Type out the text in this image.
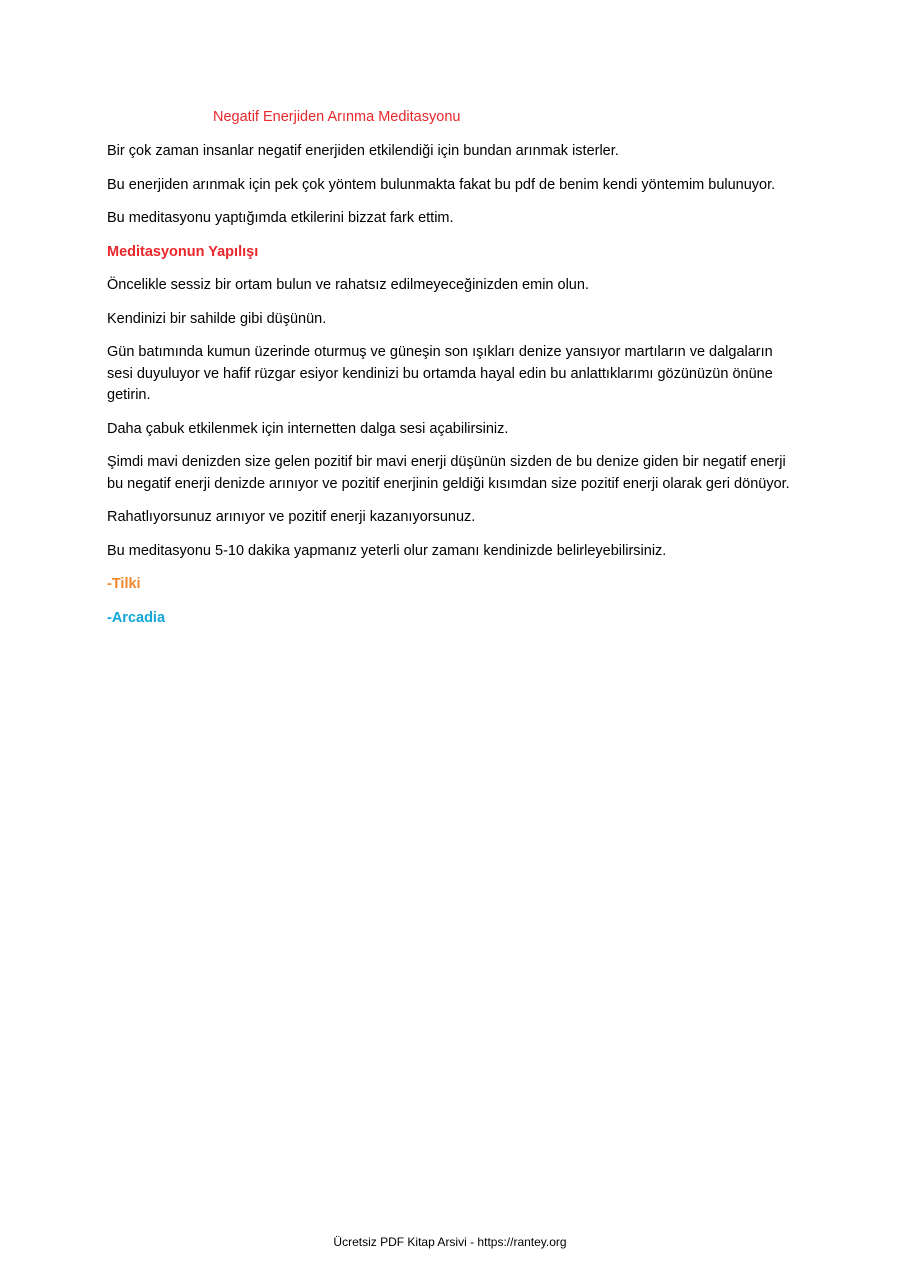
Negatif Enerjiden Arınma Meditasyonu

Bir çok zaman insanlar negatif enerjiden etkilendiği için bundan arınmak isterler.

Bu enerjiden arınmak için pek çok yöntem bulunmakta fakat bu pdf de benim kendi yöntemim bulunuyor.

Bu meditasyonu yaptığımda etkilerini bizzat fark ettim.

Meditasyonun Yapılışı

Öncelikle sessiz bir ortam bulun ve rahatsız edilmeyeceğinizden emin olun.

Kendinizi bir sahilde gibi düşünün.

Gün batımında kumun üzerinde oturmuş ve güneşin son ışıkları denize yansıyor martıların ve dalgaların sesi duyuluyor ve hafif rüzgar esiyor kendinizi bu ortamda hayal edin bu anlattıklarımı gözünüzün önüne getirin.

Daha çabuk etkilenmek için internetten dalga sesi açabilirsiniz.

Şimdi mavi denizden size gelen pozitif bir mavi enerji düşünün sizden de bu denize giden bir negatif enerji bu negatif enerji denizde arınıyor ve pozitif enerjinin geldiği kısımdan size pozitif enerji olarak geri dönüyor.

Rahatlıyorsunuz arınıyor ve pozitif enerji kazanıyorsunuz.

Bu meditasyonu 5-10 dakika yapmanız yeterli olur zamanı kendinizde belirleyebilirsiniz.

-Tilki

-Arcadia

Ücretsiz PDF Kitap Arsivi - https://rantey.org
